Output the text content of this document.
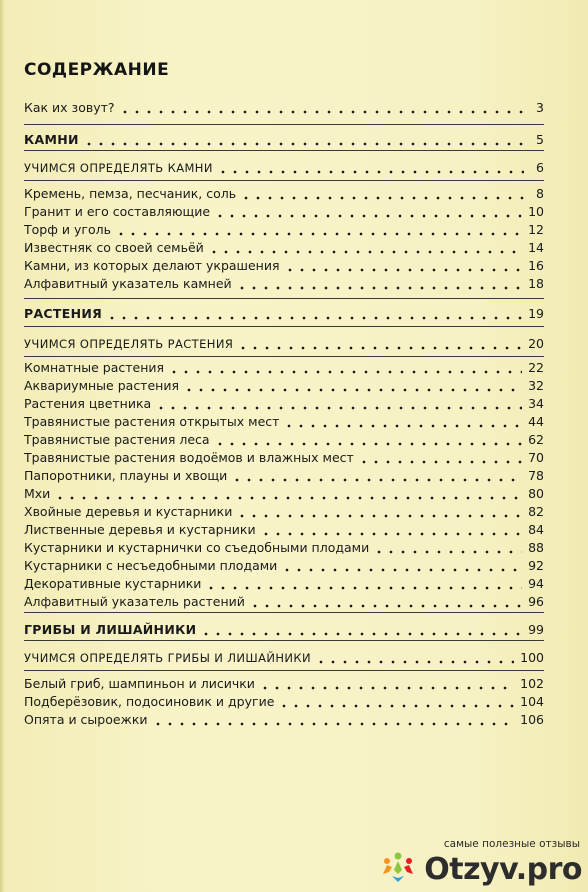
СОДЕРЖАНИЕ
Как их зовут?	3
КАМНИ	5
УЧИМСЯ ОПРЕДЕЛЯТЬ КАМНИ	6
Кремень, пемза, песчаник, соль	8
Гранит и его составляющие	10
Торф и уголь	12
Известняк со своей семьёй	14
Камни, из которых делают украшения	16
Алфавитный указатель камней	18
РАСТЕНИЯ	19
УЧИМСЯ ОПРЕДЕЛЯТЬ РАСТЕНИЯ	20
Комнатные растения	22
Аквариумные растения	32
Растения цветника	34
Травянистые растения открытых мест	44
Травянистые растения леса	62
Травянистые растения водоёмов и влажных мест	70
Папоротники, плауны и хвощи	78
Мхи	80
Хвойные деревья и кустарники	82
Лиственные деревья и кустарники	84
Кустарники и кустарнички со съедобными плодами	88
Кустарники с несъедобными плодами	92
Декоративные кустарники	94
Алфавитный указатель растений	96
ГРИБЫ И ЛИШАЙНИКИ	99
УЧИМСЯ ОПРЕДЕЛЯТЬ ГРИБЫ И ЛИШАЙНИКИ	100
Белый гриб, шампиньон и лисички	102
Подберёзовик, подосиновик и другие	104
Опята и сыроежки	106
самые полезные отзывы
Otzyv.pro
